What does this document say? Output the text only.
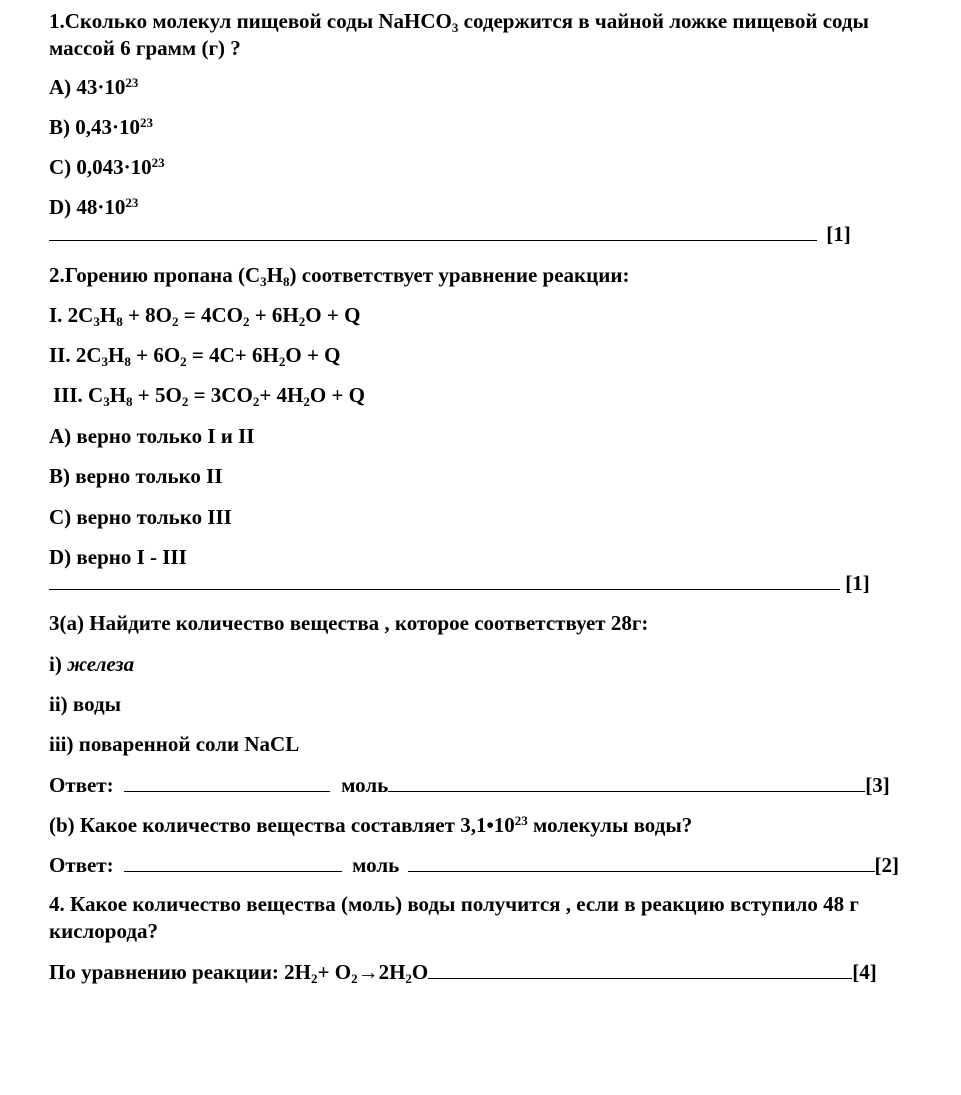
1.Сколько молекул пищевой соды NaHCO$_3$ содержится в чайной ложке пищевой соды массой 6 грамм (г) ?
A) $43\cdot 10^{23}$
B) $0,43\cdot 10^{23}$
C) $0,043\cdot 10^{23}$
D) $48\cdot 10^{23}$
[1]
2.Горению пропана $(C_3H_8)$ соответствует уравнение реакции:
I. $2C_3H_8 + 8O_2 = 4CO_2 + 6H_2O + Q$
II. $2C_3H_8 + 6O_2 = 4C+ 6H_2O + Q$
III. $C_3H_8 + 5O_2 = 3CO_2+ 4H_2O + Q$
A) верно только I и II
B) верно только II
C) верно только III
D) верно I - III
[1]
3(a) Найдите количество вещества , которое соответствует 28г:
i) железа
ii) воды
iii) поваренной соли NaCL
Ответ:	моль	[3]
(b) Какое количество вещества составляет $3,1•10^{23}$ молекулы воды?
Ответ:	моль	[2]
4. Какое количество вещества (моль) воды получится , если в реакцию вступило 48 г кислорода?
По уравнению реакции: $2H_2+ O_2\to 2H_2O$	[4]
